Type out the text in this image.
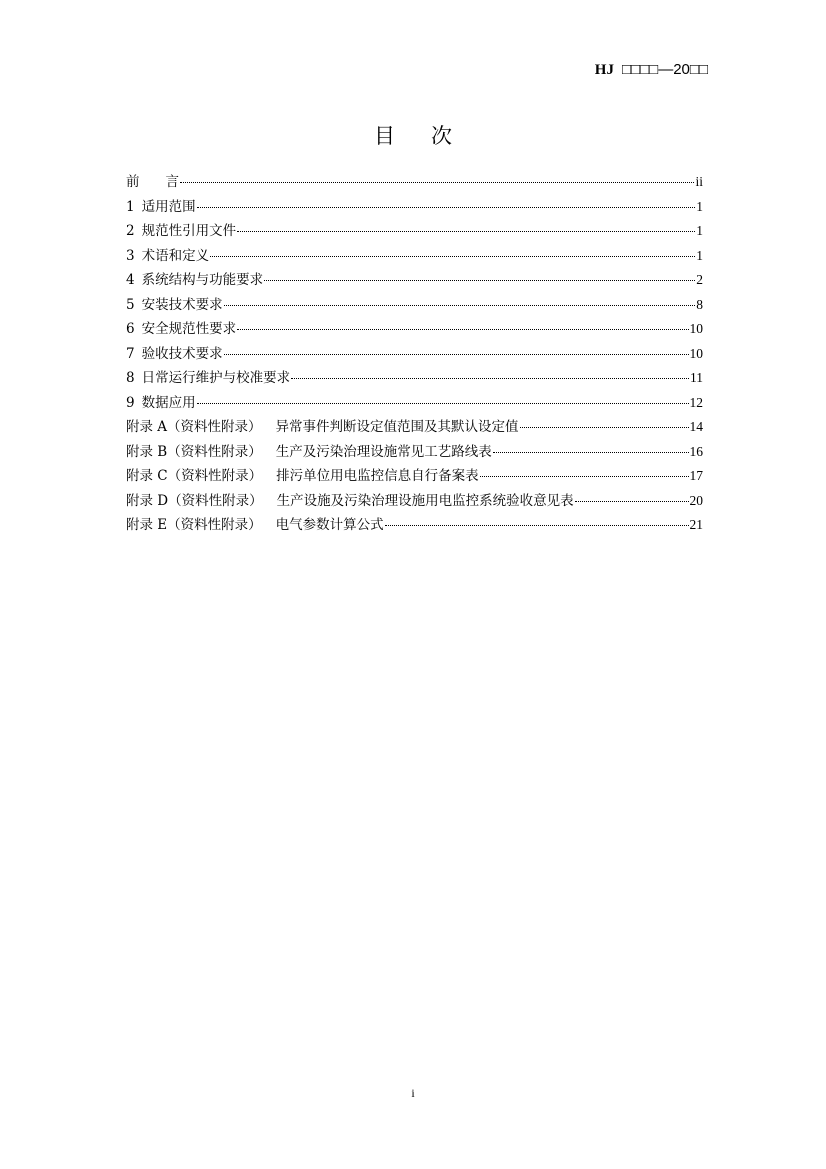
HJ □□□□—20□□
目次
前 言	ii
1 适用范围	1
2 规范性引用文件	1
3 术语和定义	1
4 系统结构与功能要求	2
5 安装技术要求	8
6 安全规范性要求	10
7 验收技术要求	10
8 日常运行维护与校准要求	11
9 数据应用	12
附录 A（资料性附录） 异常事件判断设定值范围及其默认设定值	14
附录 B（资料性附录） 生产及污染治理设施常见工艺路线表	16
附录 C（资料性附录） 排污单位用电监控信息自行备案表	17
附录 D（资料性附录） 生产设施及污染治理设施用电监控系统验收意见表	20
附录 E（资料性附录） 电气参数计算公式	21
i
